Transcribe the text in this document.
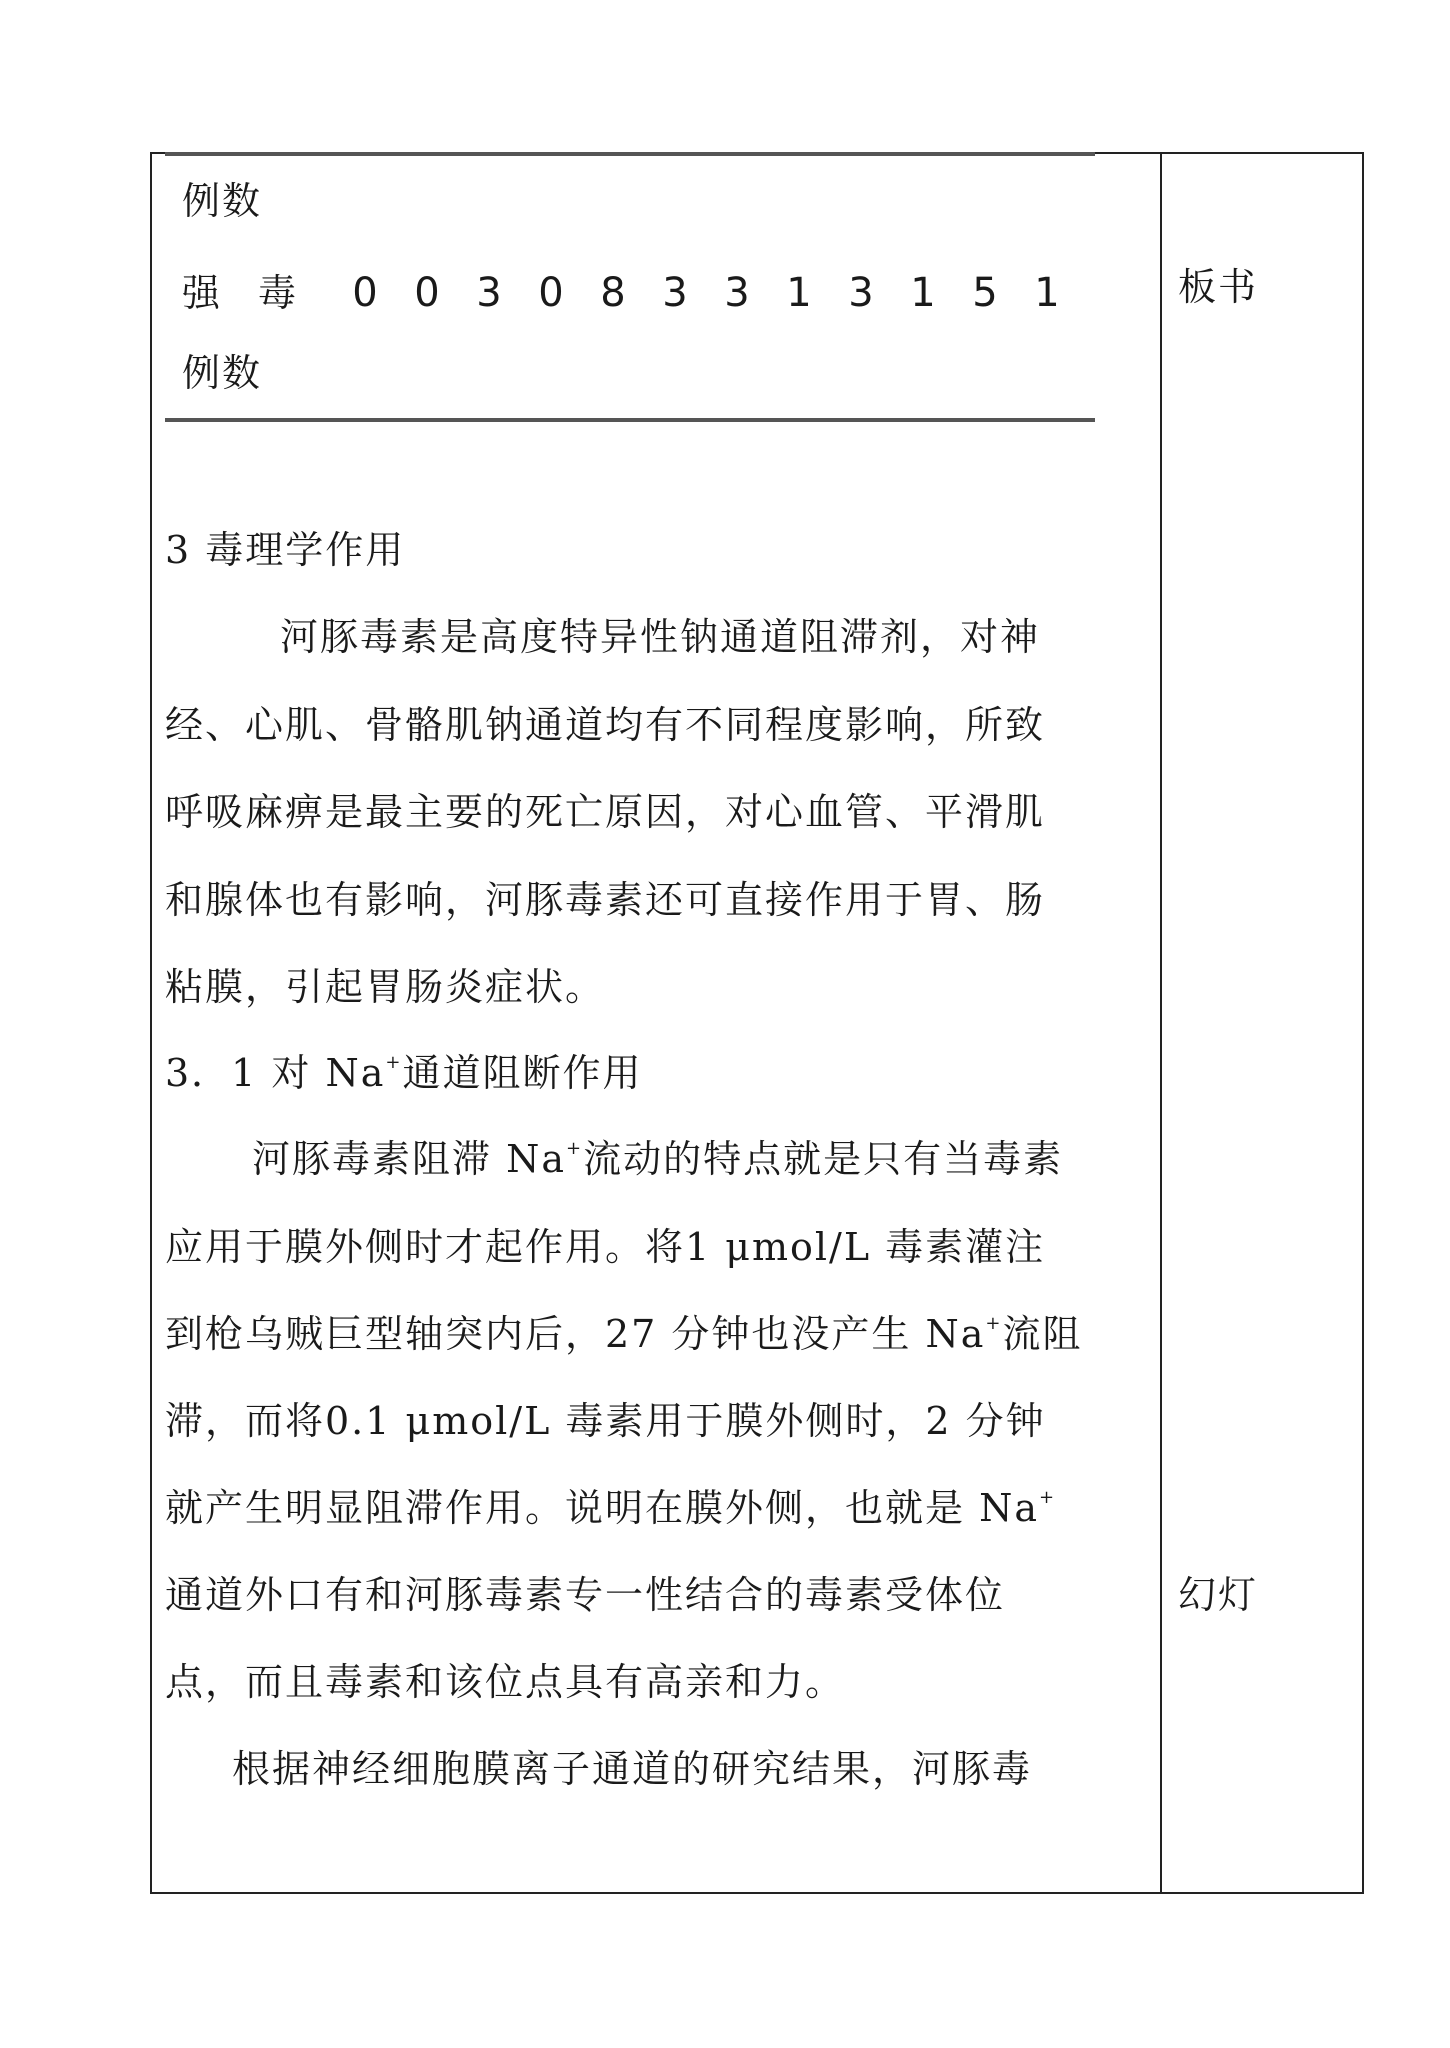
例数
强 毒	0 0 3 0 8 3 3 1 3 1 5 1
例数
3 毒理学作用
河豚毒素是高度特异性钠通道阻滞剂，对神
经、心肌、骨骼肌钠通道均有不同程度影响，所致
呼吸麻痹是最主要的死亡原因，对心血管、平滑肌
和腺体也有影响，河豚毒素还可直接作用于胃、肠
粘膜，引起胃肠炎症状。
3．1 对 Na+通道阻断作用
河豚毒素阻滞 Na+流动的特点就是只有当毒素
应用于膜外侧时才起作用。将1 μmol/L 毒素灌注
到枪乌贼巨型轴突内后，27 分钟也没产生 Na+流阻
滞，而将0.1 μmol/L 毒素用于膜外侧时，2 分钟
就产生明显阻滞作用。说明在膜外侧，也就是 Na+
通道外口有和河豚毒素专一性结合的毒素受体位
点，而且毒素和该位点具有高亲和力。
根据神经细胞膜离子通道的研究结果，河豚毒
板书
幻灯
